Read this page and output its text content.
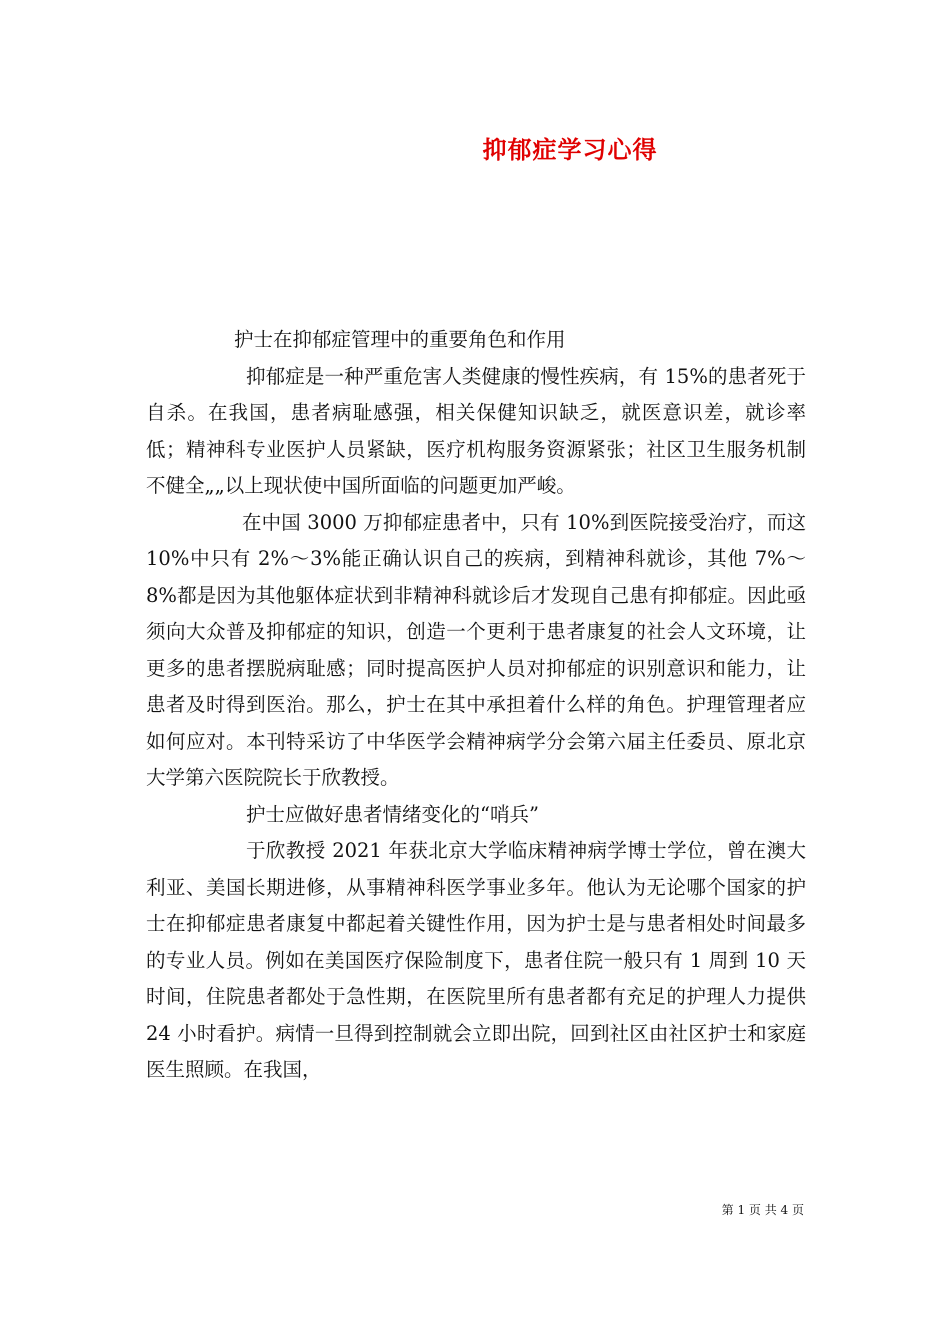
抑郁症学习心得

护士在抑郁症管理中的重要角色和作用

抑郁症是一种严重危害人类健康的慢性疾病，有 15%的患者死于自杀。在我国，患者病耻感强，相关保健知识缺乏，就医意识差，就诊率低；精神科专业医护人员紧缺，医疗机构服务资源紧张；社区卫生服务机制不健全„„以上现状使中国所面临的问题更加严峻。

在中国 3000 万抑郁症患者中，只有 10%到医院接受治疗，而这 10%中只有 2%～3%能正确认识自己的疾病，到精神科就诊，其他 7%～8%都是因为其他躯体症状到非精神科就诊后才发现自己患有抑郁症。因此亟须向大众普及抑郁症的知识，创造一个更利于患者康复的社会人文环境，让更多的患者摆脱病耻感；同时提高医护人员对抑郁症的识别意识和能力，让患者及时得到医治。那么，护士在其中承担着什么样的角色。护理管理者应如何应对。本刊特采访了中华医学会精神病学分会第六届主任委员、原北京大学第六医院院长于欣教授。

护士应做好患者情绪变化的“哨兵”

于欣教授 2021 年获北京大学临床精神病学博士学位，曾在澳大利亚、美国长期进修，从事精神科医学事业多年。他认为无论哪个国家的护士在抑郁症患者康复中都起着关键性作用，因为护士是与患者相处时间最多的专业人员。例如在美国医疗保险制度下，患者住院一般只有 1 周到 10 天时间，住院患者都处于急性期，在医院里所有患者都有充足的护理人力提供 24 小时看护。病情一旦得到控制就会立即出院，回到社区由社区护士和家庭医生照顾。在我国，

第 1 页 共 4 页
